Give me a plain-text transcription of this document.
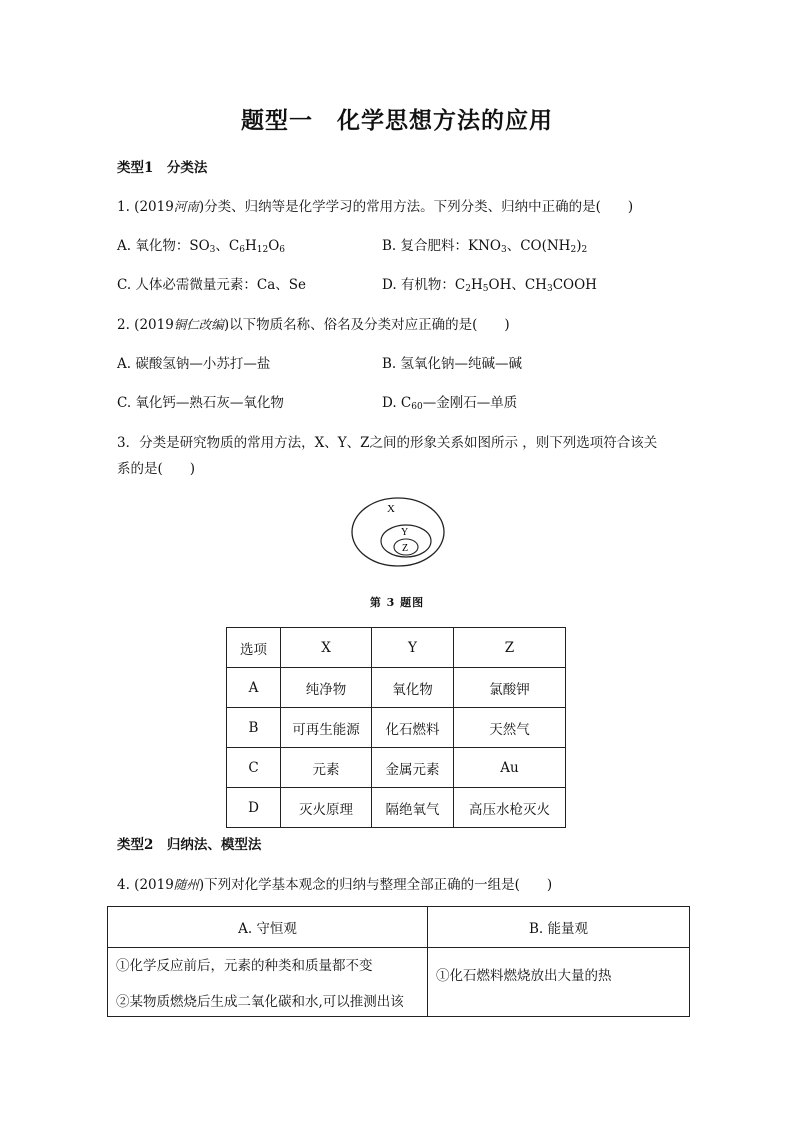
题型一　化学思想方法的应用
类型1　分类法
1. (2019河南)分类、归纳等是化学学习的常用方法。下列分类、归纳中正确的是(　　)
A. 氧化物：$SO_3$、$C_6H_{12}O_6$	B. 复合肥料：$KNO_3$、$CO(NH_2)_2$
C. 人体必需微量元素：Ca、Se	D. 有机物：$C_2H_5OH$、$CH_3COOH$
2. (2019铜仁改编)以下物质名称、俗名及分类对应正确的是(　　)
A. 碳酸氢钠—小苏打—盐	B. 氢氧化钠—纯碱—碱
C. 氧化钙—熟石灰—氧化物	D. $C_{60}—$金刚石—单质
3．分类是研究物质的常用方法，X、Y、Z之间的形象关系如图所示 ，则下列选项符合该关
系的是(　　)
X
Y
Z
第 3 题图
选项	X	Y	Z
A	纯净物	氧化物	氯酸钾
B	可再生能源	化石燃料	天然气
C	元素	金属元素	Au
D	灭火原理	隔绝氧气	高压水枪灭火
类型2　归纳法、模型法
4. (2019随州)下列对化学基本观念的归纳与整理全部正确的一组是(　　)
A. 守恒观	B. 能量观

①化学反应前后，元素的种类和质量都不变
②某物质燃烧后生成二氧化碳和水,可以推测出该	①化石燃料燃烧放出大量的热
